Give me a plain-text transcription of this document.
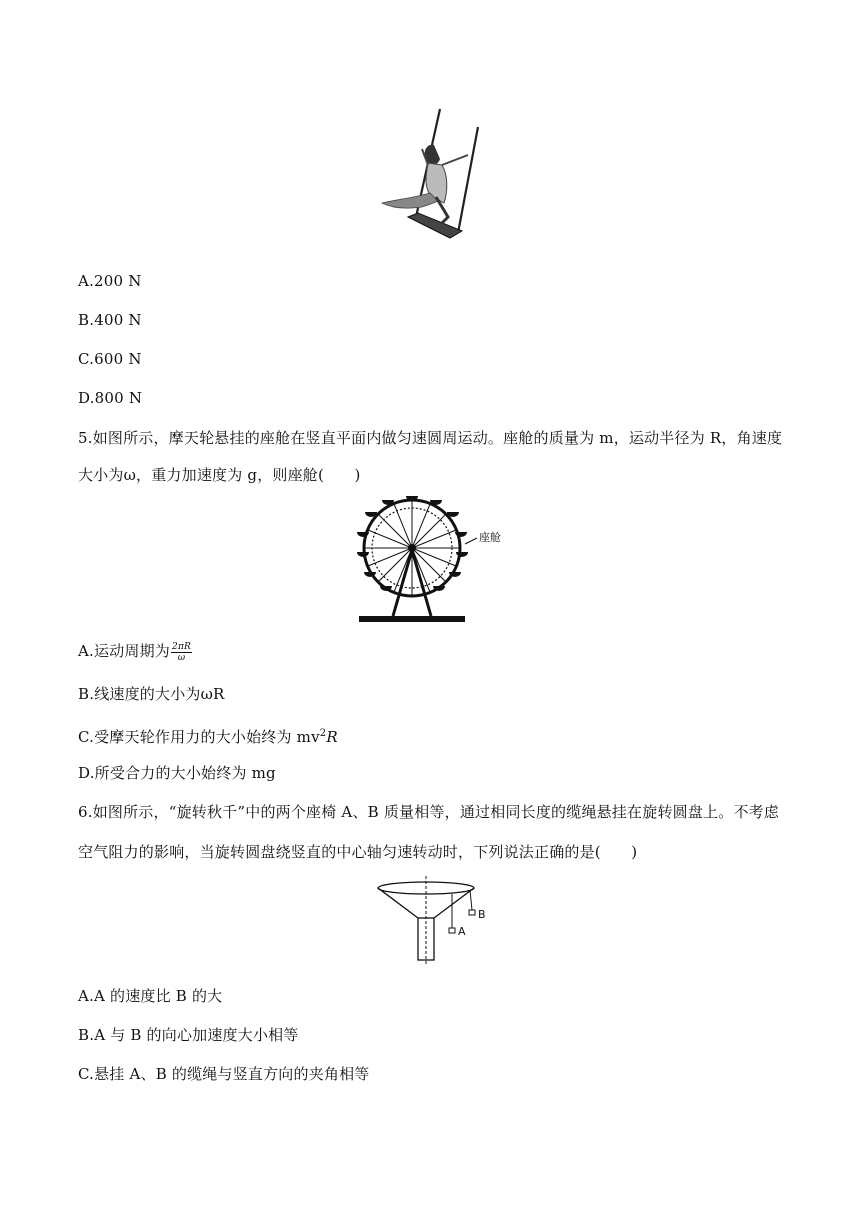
A.200 N
B.400 N
C.600 N
D.800 N
5.如图所示，摩天轮悬挂的座舱在竖直平面内做匀速圆周运动。座舱的质量为 m，运动半径为 R，角速度
大小为ω，重力加速度为 g，则座舱(　　)
座舱
A.运动周期为 $\frac{2\pi R}{\omega}$
B.线速度的大小为ωR
C.受摩天轮作用力的大小始终为 $mv^2R$
D.所受合力的大小始终为 mg
6.如图所示，“旋转秋千”中的两个座椅 A、B 质量相等，通过相同长度的缆绳悬挂在旋转圆盘上。不考虑
空气阻力的影响，当旋转圆盘绕竖直的中心轴匀速转动时，下列说法正确的是(　　)
A
B
A.A 的速度比 B 的大
B.A 与 B 的向心加速度大小相等
C.悬挂 A、B 的缆绳与竖直方向的夹角相等
